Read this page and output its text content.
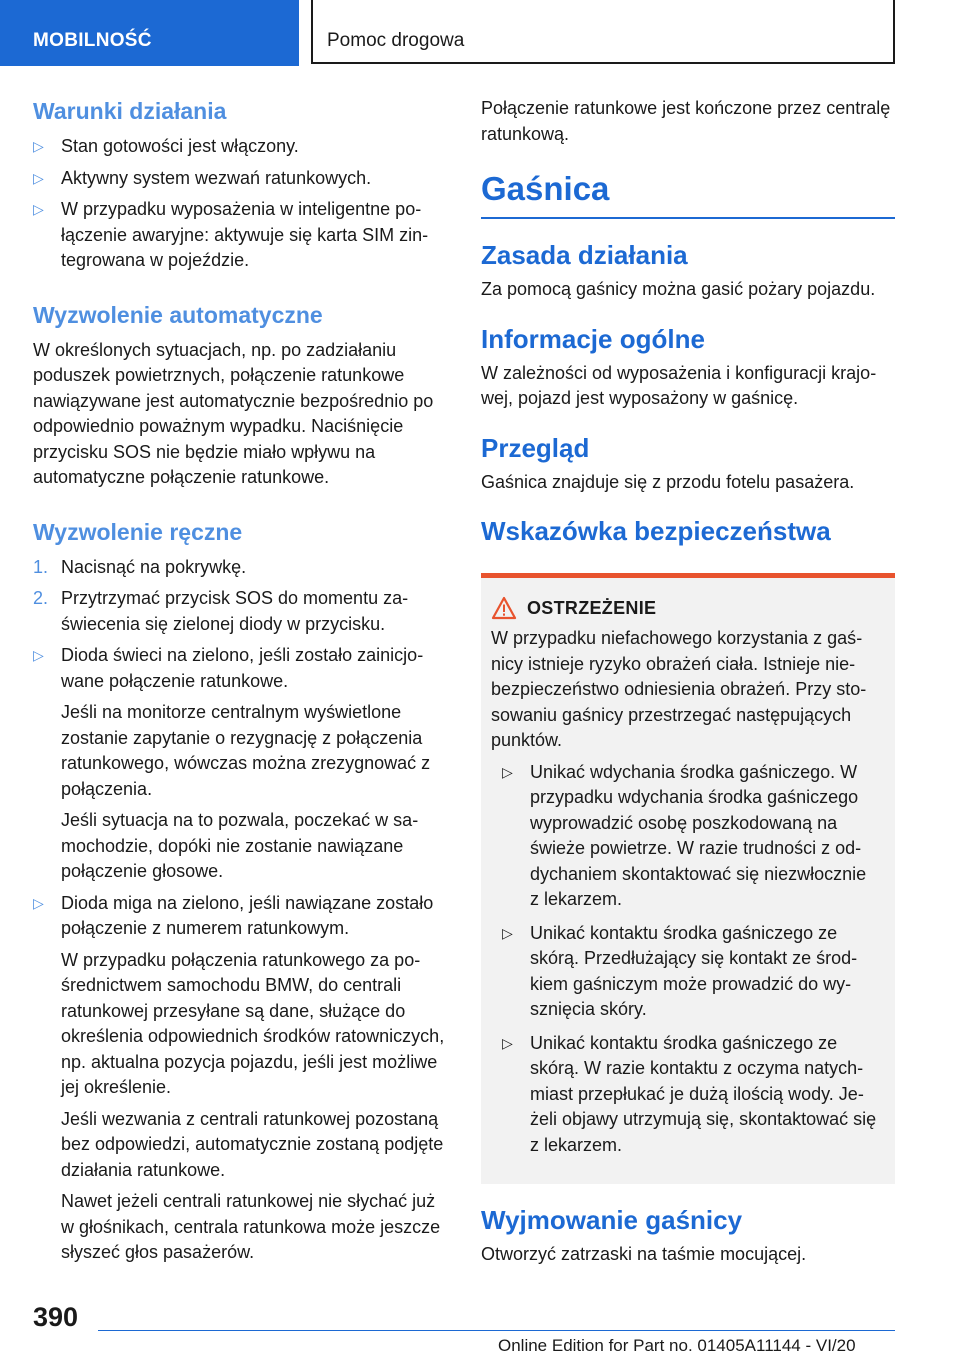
MOBILNOŚĆ	Pomoc drogowa
Warunki działania
▷ Stan gotowości jest włączony.
▷ Aktywny system wezwań ratunkowych.
▷ W przypadku wyposażenia w inteligentne połączenie awaryjne: aktywuje się karta SIM zintegrowana w pojeździe.
Wyzwolenie automatyczne

W określonych sytuacjach, np. po zadziałaniu poduszek powietrznych, połączenie ratunkowe nawiązywane jest automatycznie bezpośrednio po odpowiednio poważnym wypadku. Naciśnięcie przycisku SOS nie będzie miało wpływu na automatyczne połączenie ratunkowe.

Wyzwolenie ręczne
1. Nacisnąć na pokrywkę.
2. Przytrzymać przycisk SOS do momentu zaświecenia się zielonej diody w przycisku.
▷ Dioda świeci na zielono, jeśli zostało zainicjowane połączenie ratunkowe.

Jeśli na monitorze centralnym wyświetlone zostanie zapytanie o rezygnację z połączenia ratunkowego, wówczas można zrezygnować z połączenia.

Jeśli sytuacja na to pozwala, poczekać w samochodzie, dopóki nie zostanie nawiązane połączenie głosowe.

▷ Dioda miga na zielono, jeśli nawiązane zostało połączenie z numerem ratunkowym.

W przypadku połączenia ratunkowego za pośrednictwem samochodu BMW, do centrali ratunkowej przesyłane są dane, służące do określenia odpowiednich środków ratowniczych, np. aktualna pozycja pojazdu, jeśli jest możliwe jej określenie.

Jeśli wezwania z centrali ratunkowej pozostaną bez odpowiedzi, automatycznie zostaną podjęte działania ratunkowe.

Nawet jeżeli centrali ratunkowej nie słychać już w głośnikach, centrala ratunkowa może jeszcze słyszeć głos pasażerów.

Połączenie ratunkowe jest kończone przez centralę ratunkową.

Gaśnica
Zasada działania

Za pomocą gaśnicy można gasić pożary pojazdu.

Informacje ogólne

W zależności od wyposażenia i konfiguracji krajowej, pojazd jest wyposażony w gaśnicę.

Przegląd

Gaśnica znajduje się z przodu fotelu pasażera.

Wskazówka bezpieczeństwa
OSTRZEŻENIE

W przypadku niefachowego korzystania z gaśnicy istnieje ryzyko obrażeń ciała. Istnieje niebezpieczeństwo odniesienia obrażeń. Przy stosowaniu gaśnicy przestrzegać następujących punktów.

▷ Unikać wdychania środka gaśniczego. W przypadku wdychania środka gaśniczego wyprowadzić osobę poszkodowaną na świeże powietrze. W razie trudności z oddychaniem skontaktować się niezwłocznie z lekarzem.
▷ Unikać kontaktu środka gaśniczego ze skórą. Przedłużający się kontakt ze środkiem gaśniczym może prowadzić do wysznięcia skóry.
▷ Unikać kontaktu środka gaśniczego ze skórą. W razie kontaktu z oczyma natychmiast przepłukać je dużą ilością wody. Jeżeli objawy utrzymują się, skontaktować się z lekarzem.
Wyjmowanie gaśnicy

Otworzyć zatrzaski na taśmie mocującej.

390
Online Edition for Part no. 01405A11144 - VI/20
